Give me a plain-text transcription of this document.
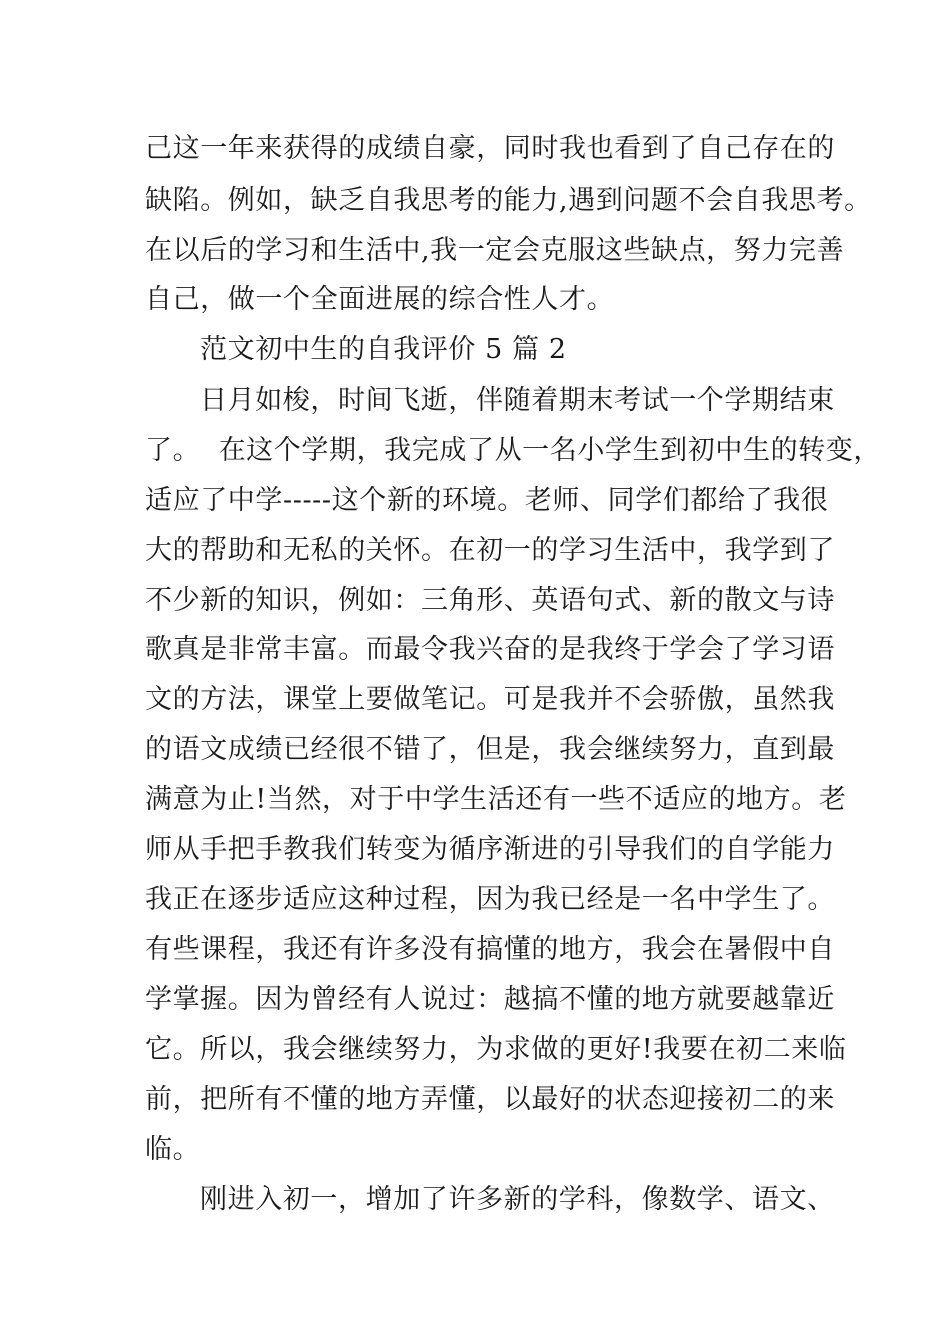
己这一年来获得的成绩自豪，同时我也看到了自己存在的
缺陷。例如，缺乏自我思考的能力,遇到问题不会自我思考。
在以后的学习和生活中,我一定会克服这些缺点，努力完善
自己，做一个全面进展的综合性人才。
范文初中生的自我评价 5 篇 2
日月如梭，时间飞逝，伴随着期末考试一个学期结束
了。  在这个学期，我完成了从一名小学生到初中生的转变，
适应了中学-----这个新的环境。老师、同学们都给了我很
大的帮助和无私的关怀。在初一的学习生活中，我学到了
不少新的知识，例如：三角形、英语句式、新的散文与诗
歌真是非常丰富。而最令我兴奋的是我终于学会了学习语
文的方法，课堂上要做笔记。可是我并不会骄傲，虽然我
的语文成绩已经很不错了，但是，我会继续努力，直到最
满意为止!当然，对于中学生活还有一些不适应的地方。老
师从手把手教我们转变为循序渐进的引导我们的自学能力
我正在逐步适应这种过程，因为我已经是一名中学生了。
有些课程，我还有许多没有搞懂的地方，我会在暑假中自
学掌握。因为曾经有人说过：越搞不懂的地方就要越靠近
它。所以，我会继续努力，为求做的更好!我要在初二来临
前，把所有不懂的地方弄懂，以最好的状态迎接初二的来
临。
刚进入初一，增加了许多新的学科，像数学、语文、
